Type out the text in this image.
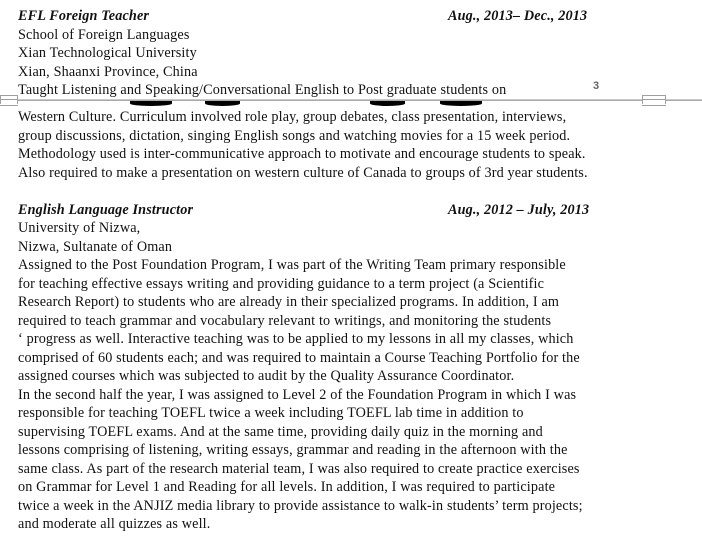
EFL Foreign Teacher	Aug., 2013– Dec., 2013
School of Foreign Languages
Xian Technological University
Xian, Shaanxi Province, China
Taught Listening and Speaking/Conversational English to Post graduate students on	3
Western Culture. Curriculum involved role play, group debates, class presentation, interviews,
group discussions, dictation, singing English songs and watching movies for a 15 week period.
Methodology used is inter-communicative approach to motivate and encourage students to speak.
Also required to make a presentation on western culture of Canada to groups of 3rd year students.
English Language Instructor	Aug., 2012 – July, 2013
University of Nizwa,
Nizwa, Sultanate of Oman
Assigned to the Post Foundation Program, I was part of the Writing Team primary responsible
for teaching effective essays writing and providing guidance to a term project (a Scientific
Research Report) to students who are already in their specialized programs. In addition, I am
required to teach grammar and vocabulary relevant to writings, and monitoring the students
‘ progress as well. Interactive teaching was to be applied to my lessons in all my classes, which
comprised of 60 students each; and was required to maintain a Course Teaching Portfolio for the
assigned courses which was subjected to audit by the Quality Assurance Coordinator.
In the second half the year, I was assigned to Level 2 of the Foundation Program in which I was
responsible for teaching TOEFL twice a week including TOEFL lab time in addition to
supervising TOEFL exams. And at the same time, providing daily quiz in the morning and
lessons comprising of listening, writing essays, grammar and reading in the afternoon with the
same class. As part of the research material team, I was also required to create practice exercises
on Grammar for Level 1 and Reading for all levels. In addition, I was required to participate
twice a week in the ANJIZ media library to provide assistance to walk-in students’ term projects;
and moderate all quizzes as well.
